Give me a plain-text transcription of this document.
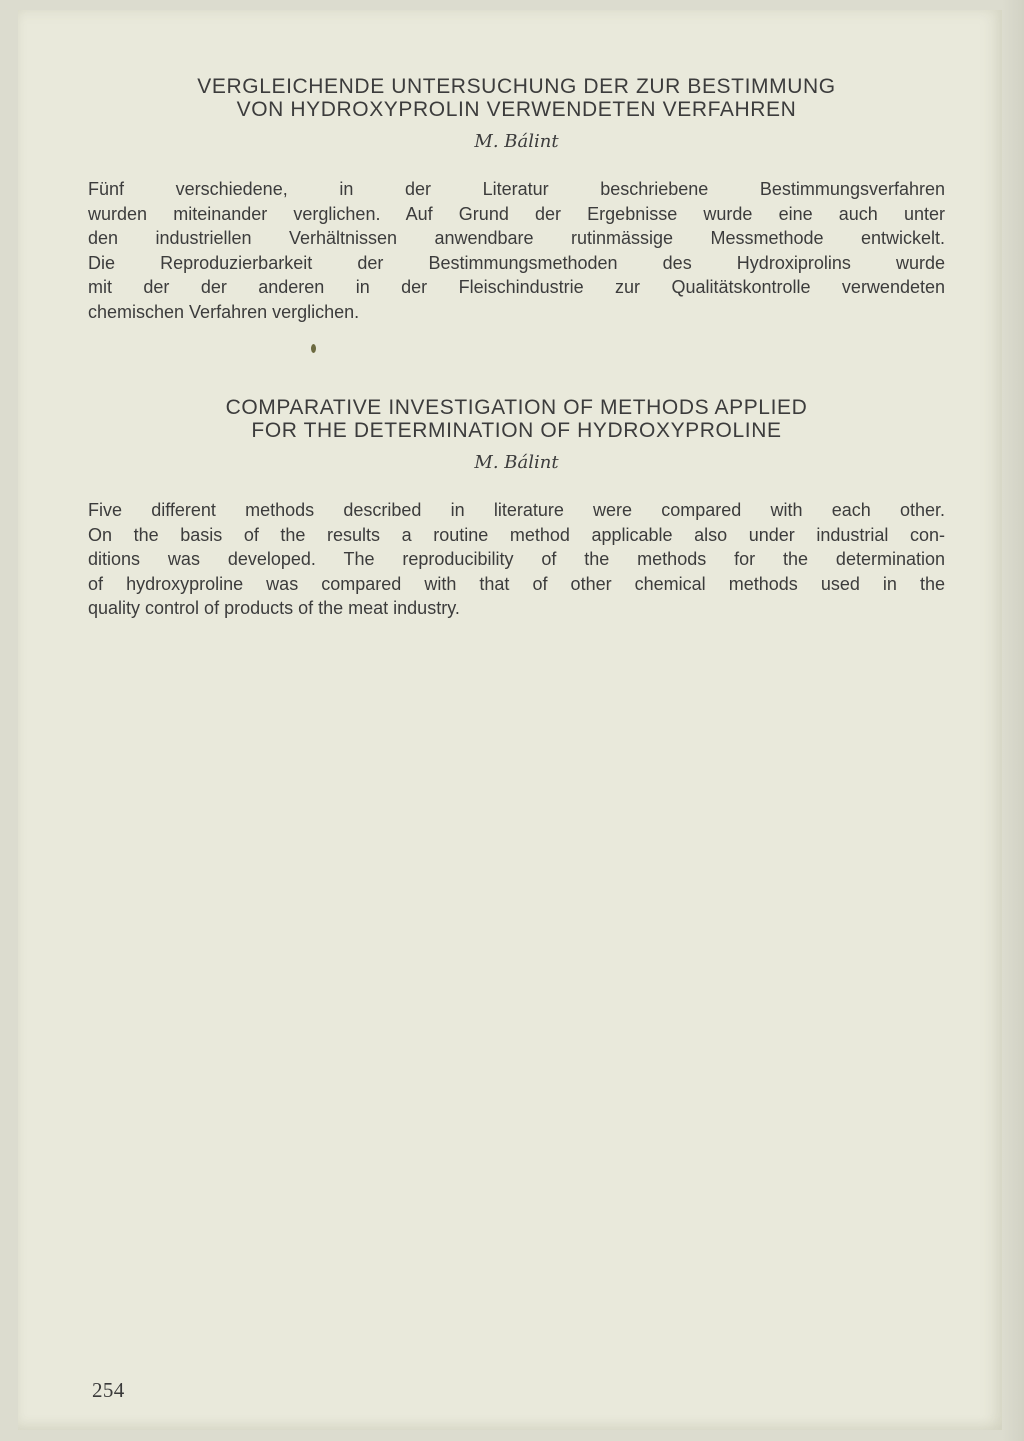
VERGLEICHENDE UNTERSUCHUNG DER ZUR BESTIMMUNG
VON HYDROXYPROLIN VERWENDETEN VERFAHREN
M. Bálint
Fünf verschiedene, in der Literatur beschriebene Bestimmungsverfahren
wurden miteinander verglichen. Auf Grund der Ergebnisse wurde eine auch unter
den industriellen Verhältnissen anwendbare rutinmässige Messmethode entwickelt.
Die Reproduzierbarkeit der Bestimmungsmethoden des Hydroxiprolins wurde
mit der der anderen in der Fleischindustrie zur Qualitätskontrolle verwendeten
chemischen Verfahren verglichen.
COMPARATIVE INVESTIGATION OF METHODS APPLIED
FOR THE DETERMINATION OF HYDROXYPROLINE
M. Bálint
Five different methods described in literature were compared with each other.
On the basis of the results a routine method applicable also under industrial con-
ditions was developed. The reproducibility of the methods for the determination
of hydroxyproline was compared with that of other chemical methods used in the
quality control of products of the meat industry.
254
